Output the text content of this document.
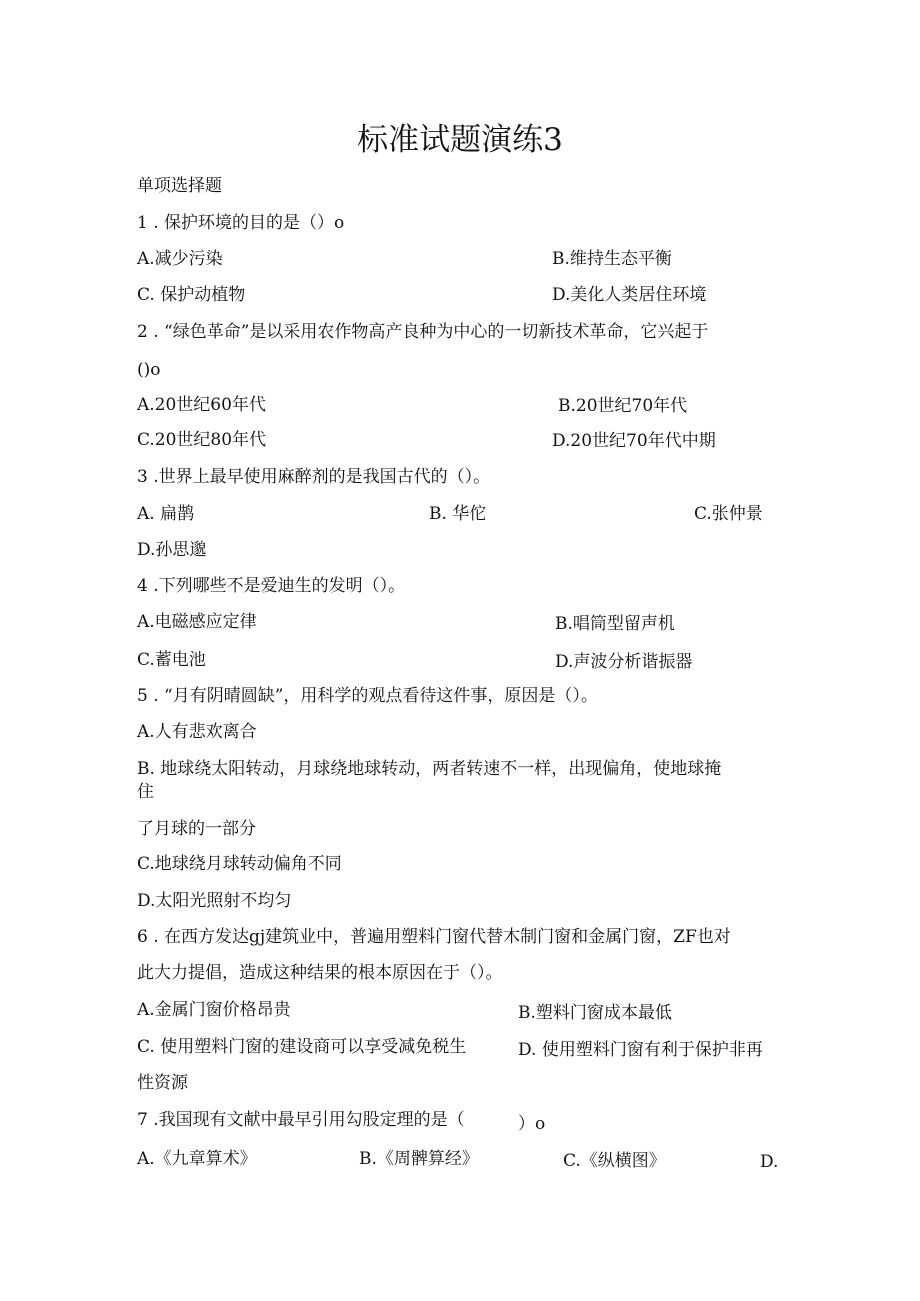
标准试题演练3
单项选择题
1 . 保护环境的目的是（）o
A.减少污染	B.维持生态平衡
C. 保护动植物	D.美化人类居住环境
2 . “绿色革命”是以采用农作物高产良种为中心的一切新技术革命，它兴起于
()o
A.20世纪60年代	B.20世纪70年代
C.20世纪80年代	D.20世纪70年代中期
3 .世界上最早使用麻醉剂的是我国古代的（）。
A. 扁鹊	B. 华佗	C.张仲景
D.孙思邈
4 .下列哪些不是爱迪生的发明（）。
A.电磁感应定律	B.唱筒型留声机
C.蓄电池	D.声波分析谐振器
5 . “月有阴晴圆缺”，用科学的观点看待这件事，原因是（）。
A.人有悲欢离合
B. 地球绕太阳转动，月球绕地球转动，两者转速不一样，出现偏角，使地球掩
住
了月球的一部分
C.地球绕月球转动偏角不同
D.太阳光照射不均匀
6 . 在西方发达gj建筑业中，普遍用塑料门窗代替木制门窗和金属门窗，ZF也对
此大力提倡，造成这种结果的根本原因在于（）。
A.金属门窗价格昂贵	B.塑料门窗成本最低
C. 使用塑料门窗的建设商可以享受减免税生	D. 使用塑料门窗有利于保护非再
性资源
7 .我国现有文献中最早引用勾股定理的是（	）o
A.《九章算术》	B.《周髀算经》	C.《纵横图》	D.
